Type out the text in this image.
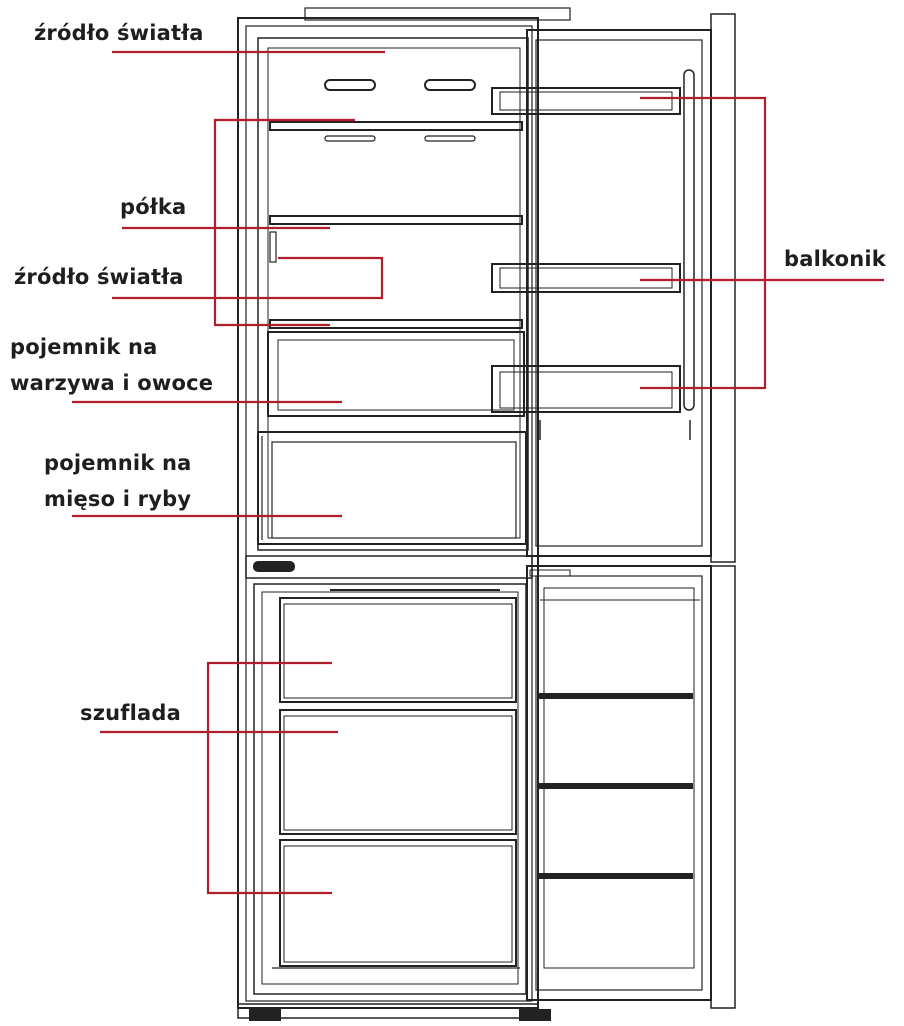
źródło światła
półka
źródło światła
pojemnik na
warzywa i owoce
pojemnik na
mięso i ryby
szuflada
balkonik
